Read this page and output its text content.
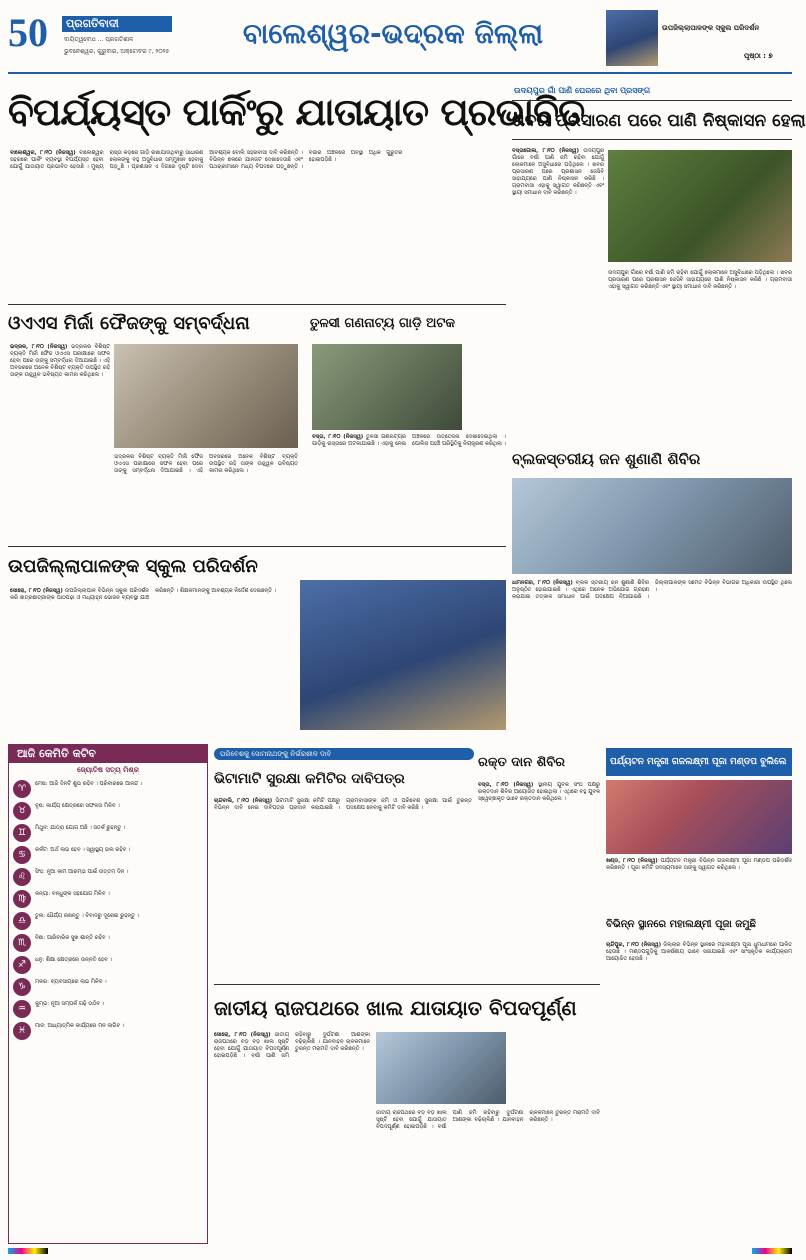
50	ପ୍ରଗତିବାଦୀ
ଦାୟିତ୍ୱବୋଧ ... ପ୍ରଗତିଶୀଳ
ଭୁବନେଶ୍ୱର, ଗୁରୁବାର, ଅକ୍ଟୋବର ୯, ୨୦୨୫
ବାଲେଶ୍ୱର-ଭଦ୍ରକ ଜିଲ୍ଲା	ଉପଜିଲ୍ଲାପାଳଙ୍କ ସ୍କୁଲ ପରିଦର୍ଶନ
ପୃଷ୍ଠା : ୭
ବିପର୍ଯ୍ୟସ୍ତ ପାର୍କିଂରୁ ଯାତାୟାତ ପ୍ରଭାବିତ
ବାଲେଶ୍ୱର, ୮।୧୦ (ନିଜସ୍ୱ) ବାଲେଶ୍ୱର ସହରରେ ପାର୍କିଂ ବ୍ୟବସ୍ଥା ବିପର୍ଯ୍ୟସ୍ତ ହେବା ଯୋଗୁଁ ଯାତାୟାତ ପ୍ରଭାବିତ ହେଉଛି । ମୁଖ୍ୟ ରାସ୍ତା କଡ଼ରେ ଗାଡ଼ି ରଖାଯାଉଥିବାରୁ ସାଧାରଣ ଲୋକଙ୍କୁ ବହୁ ଅସୁବିଧାର ସମ୍ମୁଖୀନ ହେବାକୁ ପଡ଼ୁଛି । ପ୍ରଶାସନ ଏ ଦିଗରେ ଦୃଷ୍ଟି ଦେବା ଆବଶ୍ୟକ ବୋଲି ସହରବାସୀ ଦାବି କରିଛନ୍ତି । ବିଭିନ୍ନ ଛକରେ ଯାନଜଟ ଦେଖାଦେଉଛି ଏବଂ ପଥଚାରୀମାନେ ମଧ୍ୟ ବିପଦରେ ପଡ଼ୁଛନ୍ତି । ବଜାର ଅଞ୍ଚଳରେ ଅବସ୍ଥା ଅଧିକ ଗୁରୁତର ହୋଇପଡ଼ିଛି ।
ଉଦୟପୁର ଗାଁ ପାଣି ଘେରରେ ଥିବା ପ୍ରସଙ୍ଗ
ଖବର ପ୍ରସାରଣ ପରେ ପାଣି ନିଷ୍କାସନ ହେଲା
ବସ୍ତାଗୋଳା, ୮।୧୦ (ନିଜସ୍ୱ) ଉଦୟପୁର ଗାଁରେ ବର୍ଷା ପାଣି ଜମି ରହିବା ଯୋଗୁଁ ଲୋକମାନେ ଅସୁବିଧାରେ ପଡ଼ିଥିଲେ । ଖବର ପ୍ରସାରଣ ପରେ ପ୍ରଶାସନ ଜେସିବି ସାହାଯ୍ୟରେ ପାଣି ନିଷ୍କାସନ କରିଛି । ଗ୍ରାମବାସୀ ଏହାକୁ ସ୍ୱାଗତ କରିଛନ୍ତି ଏବଂ ସ୍ଥାୟୀ ସମାଧାନ ଦାବି କରିଛନ୍ତି ।
ଉଦୟପୁର ଗାଁରେ ବର୍ଷା ପାଣି ଜମି ରହିବା ଯୋଗୁଁ ଲୋକମାନେ ଅସୁବିଧାରେ ପଡ଼ିଥିଲେ । ଖବର ପ୍ରସାରଣ ପରେ ପ୍ରଶାସନ ଜେସିବି ସାହାଯ୍ୟରେ ପାଣି ନିଷ୍କାସନ କରିଛି । ଗ୍ରାମବାସୀ ଏହାକୁ ସ୍ୱାଗତ କରିଛନ୍ତି ଏବଂ ସ୍ଥାୟୀ ସମାଧାନ ଦାବି କରିଛନ୍ତି ।
ଓଏଏସ ମିର୍ଜା ଫୈଜଙ୍କୁ ସମ୍ବର୍ଦ୍ଧନା
ଭଦ୍ରକ, ୮।୧୦ (ନିଜସ୍ୱ) ଭଦ୍ରକର ବିଶିଷ୍ଟ ବ୍ୟକ୍ତି ମିର୍ଜା ଫୈଜ ଓଏଏସ ପରୀକ୍ଷାରେ ସଫଳ ହେବା ପରେ ତାଙ୍କୁ ସମ୍ବର୍ଦ୍ଧନା ଦିଆଯାଇଛି । ଏହି ଅବସରରେ ଅନେକ ବିଶିଷ୍ଟ ବ୍ୟକ୍ତି ଉପସ୍ଥିତ ରହି ତାଙ୍କ ଉଜ୍ଜ୍ୱଳ ଭବିଷ୍ୟତ କାମନା କରିଥିଲେ ।
ଭଦ୍ରକର ବିଶିଷ୍ଟ ବ୍ୟକ୍ତି ମିର୍ଜା ଫୈଜ ଓଏଏସ ପରୀକ୍ଷାରେ ସଫଳ ହେବା ପରେ ତାଙ୍କୁ ସମ୍ବର୍ଦ୍ଧନା ଦିଆଯାଇଛି । ଏହି ଅବସରରେ ଅନେକ ବିଶିଷ୍ଟ ବ୍ୟକ୍ତି ଉପସ୍ଥିତ ରହି ତାଙ୍କ ଉଜ୍ଜ୍ୱଳ ଭବିଷ୍ୟତ କାମନା କରିଥିଲେ ।
ତୁଳସୀ ଗଣନାଟ୍ୟ ଗାଡ଼ି ଅଟକ
ବସ୍ତା, ୮।୧୦ (ନିଜସ୍ୱ) ତୁଳସୀ ଗଣନାଟ୍ୟର ଗାଡ଼ିକୁ ରାସ୍ତାରେ ଅଟକାଯାଇଛି । ଏହାକୁ ନେଇ ଅଞ୍ଚଳରେ ଉତ୍ତେଜନା ଦେଖାଦେଇଥିଲା । ପୋଲିସ ପହଞ୍ଚି ପରିସ୍ଥିତିକୁ ନିୟନ୍ତ୍ରଣ କରିଥିଲା ।
ବ୍ଲକସ୍ତରୀୟ ଜନ ଶୁଣାଣି ଶିବିର
ଧାମନଗର, ୮।୧୦ (ନିଜସ୍ୱ) ବ୍ଲକ ସ୍ତରୀୟ ଜନ ଶୁଣାଣି ଶିବିର ଅନୁଷ୍ଠିତ ହୋଇଯାଇଛି । ଏଥିରେ ଅନେକ ଅଭିଯୋଗ ଗ୍ରହଣ କରାଯାଇ ତତ୍କାଳ ସମାଧାନ ପାଇଁ ପଦକ୍ଷେପ ନିଆଯାଇଛି । ଜିଲ୍ଲାପାଳଙ୍କ ସମେତ ବିଭିନ୍ନ ବିଭାଗର ଅଧିକାରୀ ଉପସ୍ଥିତ ଥିଲେ ।
ଉପଜିଲ୍ଲାପାଳଙ୍କ ସ୍କୁଲ ପରିଦର୍ଶନ
ସୋରୋ, ୮।୧୦ (ନିଜସ୍ୱ) ଉପଜିଲ୍ଲାପାଳ ବିଭିନ୍ନ ସ୍କୁଲ ପରିଦର୍ଶନ କରି ଛାତ୍ରଛାତ୍ରୀଙ୍କ ପାଠପଢ଼ା ଓ ମଧ୍ୟାହ୍ନ ଭୋଜନ ବ୍ୟବସ୍ଥା ଯାଞ୍ଚ କରିଛନ୍ତି । ଶିକ୍ଷକମାନଙ୍କୁ ଆବଶ୍ୟକ ନିର୍ଦ୍ଦେଶ ଦେଇଛନ୍ତି ।
ଆଜି କେମିତି କଟିବ
ଜ୍ୟୋତିଷ ସତ୍ୟ ମିଶ୍ର
♈	ମେଷ: ଆଜି ଦିନଟି ଶୁଭ ରହିବ । ପରିବାରରେ ଆନନ୍ଦ ।
♉	ବୃଷ: କାର୍ଯ୍ୟ କ୍ଷେତ୍ରରେ ସଫଳତା ମିଳିବ ।
♊	ମିଥୁନ: ଯାତ୍ରା ଯୋଗ ଅଛି । ସତର୍କ ରୁହନ୍ତୁ ।
♋	କର୍କଟ: ଅର୍ଥ ଲାଭ ହେବ । ସ୍ୱାସ୍ଥ୍ୟ ଭଲ ରହିବ ।
♌	ସିଂହ: ନୂଆ କାମ ଆରମ୍ଭ ପାଇଁ ଉତ୍ତମ ଦିନ ।
♍	କନ୍ୟା: ବନ୍ଧୁଙ୍କ ସହଯୋଗ ମିଳିବ ।
♎	ତୁଳା: ଧୈର୍ଯ୍ୟ ରଖନ୍ତୁ । ବିବାଦରୁ ଦୂରେଇ ରୁହନ୍ତୁ ।
♏	ବିଛା: ପାରିବାରିକ ସୁଖ ଶାନ୍ତି ରହିବ ।
♐	ଧନୁ: ଶିକ୍ଷା କ୍ଷେତ୍ରରେ ଉନ୍ନତି ହେବ ।
♑	ମକର: ବ୍ୟବସାୟରେ ଲାଭ ମିଳିବ ।
♒	କୁମ୍ଭ: ନୂଆ ସମ୍ପର୍କ ଗଢ଼ି ଉଠିବ ।
♓	ମୀନ: ଆଧ୍ୟାତ୍ମିକ କାର୍ଯ୍ୟରେ ମନ ଲାଗିବ ।
ପରିବେଶକୁ ସୋମନାଥଙ୍କୁ ନିର୍ଭରଶୀଳ ଦାବି
ଭିଟାମାଟି ସୁରକ୍ଷା କମିଟିର ଦାବିପତ୍ର
ଚାନ୍ଦବାଲି, ୮।୧୦ (ନିଜସ୍ୱ) ଭିଟାମାଟି ସୁରକ୍ଷା କମିଟି ପକ୍ଷରୁ ବିଭିନ୍ନ ଦାବି ନେଇ ଦାବିପତ୍ର ପ୍ରଦାନ କରାଯାଇଛି । ଗ୍ରାମବାସୀଙ୍କ ଜମି ଓ ପରିବେଶ ସୁରକ୍ଷା ପାଇଁ ତୁରନ୍ତ ପଦକ୍ଷେପ ନେବାକୁ କମିଟି ଦାବି କରିଛି ।
ରକ୍ତ ଦାନ ଶିବିର
ବସ୍ତା, ୮।୧୦ (ନିଜସ୍ୱ) ସ୍ଥାନୀୟ ଯୁବକ ସଂଘ ପକ୍ଷରୁ ରକ୍ତଦାନ ଶିବିର ଆୟୋଜିତ ହୋଇଥିଲା । ଏଥିରେ ବହୁ ଯୁବକ ସ୍ୱେଚ୍ଛାକୃତ ଭାବେ ରକ୍ତଦାନ କରିଥିଲେ ।
ପର୍ଯ୍ୟଟନ ମନ୍ତ୍ରୀ ଗଜଲକ୍ଷ୍ମୀ ପୂଜା ମଣ୍ଡପ ବୁଲିଲେ
ଖଣ୍ଡ, ୮।୧୦ (ନିଜସ୍ୱ) ପର୍ଯ୍ୟଟନ ମନ୍ତ୍ରୀ ବିଭିନ୍ନ ଗଜଲକ୍ଷ୍ମୀ ପୂଜା ମଣ୍ଡପ ପରିଦର୍ଶନ କରିଛନ୍ତି । ପୂଜା କମିଟି ସଦସ୍ୟମାନେ ତାଙ୍କୁ ସ୍ୱାଗତ କରିଥିଲେ ।
ବିଭିନ୍ନ ସ୍ଥାନରେ ମହାଲକ୍ଷ୍ମୀ ପୂଜା ଜମୁଛି
ଚାନ୍ଦିପୁର, ୮।୧୦ (ନିଜସ୍ୱ) ଜିଲ୍ଲାର ବିଭିନ୍ନ ସ୍ଥାନରେ ମହାଲକ୍ଷ୍ମୀ ପୂଜା ଧୁମଧାମରେ ପାଳିତ ହେଉଛି । ମଣ୍ଡପଗୁଡ଼ିକୁ ଆକର୍ଷଣୀୟ ଭାବେ ସଜାଯାଇଛି ଏବଂ ସାଂସ୍କୃତିକ କାର୍ଯ୍ୟକ୍ରମ ଆୟୋଜିତ ହେଉଛି ।
ଜାତୀୟ ରାଜପଥରେ ଖାଲ ଯାତାୟାତ ବିପଦପୂର୍ଣ୍ଣ
ସୋରୋ, ୮।୧୦ (ନିଜସ୍ୱ) ଜାତୀୟ ରାଜପଥରେ ବଡ଼ ବଡ଼ ଖାଲ ସୃଷ୍ଟି ହେବା ଯୋଗୁଁ ଯାତାୟାତ ବିପଦପୂର୍ଣ୍ଣ ହୋଇପଡ଼ିଛି । ବର୍ଷା ପାଣି ଜମି ରହିବାରୁ ଦୁର୍ଘଟଣା ଆଶଙ୍କା ବଢ଼ିଚାଲିଛି । ଯାନବାହନ ଚାଳକମାନେ ତୁରନ୍ତ ମରାମତି ଦାବି କରିଛନ୍ତି ।
ଜାତୀୟ ରାଜପଥରେ ବଡ଼ ବଡ଼ ଖାଲ ସୃଷ୍ଟି ହେବା ଯୋଗୁଁ ଯାତାୟାତ ବିପଦପୂର୍ଣ୍ଣ ହୋଇପଡ଼ିଛି । ବର୍ଷା ପାଣି ଜମି ରହିବାରୁ ଦୁର୍ଘଟଣା ଆଶଙ୍କା ବଢ଼ିଚାଲିଛି । ଯାନବାହନ ଚାଳକମାନେ ତୁରନ୍ତ ମରାମତି ଦାବି କରିଛନ୍ତି ।
